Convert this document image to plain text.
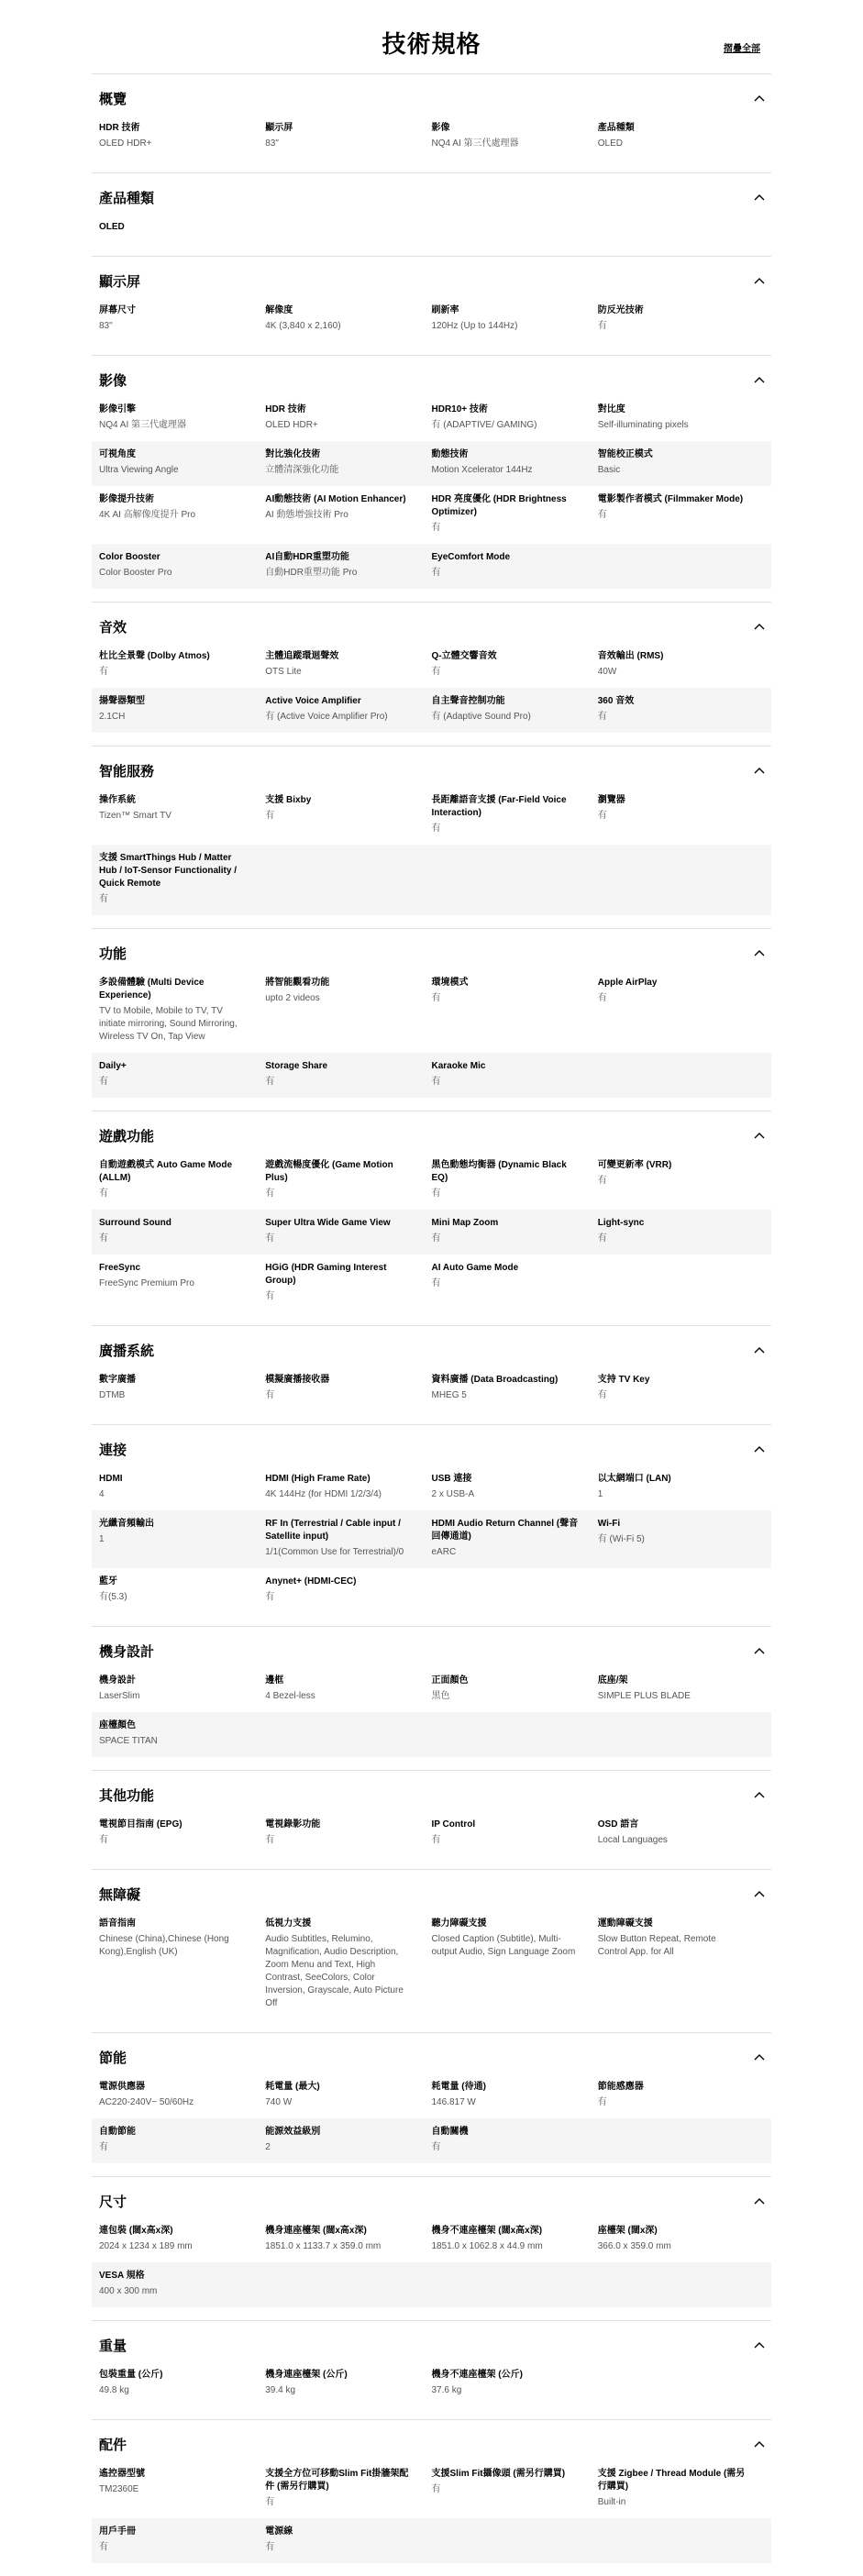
技術規格	摺疊全部
概覽
HDR 技術
OLED HDR+
顯示屏
83"
影像
NQ4 AI 第三代處理器
產品種類
OLED
產品種類
OLED
顯示屏
屏幕尺寸
83"
解像度
4K (3,840 x 2,160)
刷新率
120Hz (Up to 144Hz)
防反光技術
有
影像
影像引擎
NQ4 AI 第三代處理器
HDR 技術
OLED HDR+
HDR10+ 技術
有 (ADAPTIVE/ GAMING)
對比度
Self-illuminating pixels
可視角度
Ultra Viewing Angle
對比強化技術
立體清深強化功能
動態技術
Motion Xcelerator 144Hz
智能校正模式
Basic
影像提升技術
4K AI 高解像度提升 Pro
AI動態技術 (AI Motion Enhancer)
AI 動態增強技術 Pro
HDR 亮度優化 (HDR Brightness Optimizer)
有
電影製作者模式 (Filmmaker Mode)
有
Color Booster
Color Booster Pro
AI自動HDR重塑功能
自動HDR重塑功能 Pro
EyeComfort Mode
有
音效
杜比全景聲 (Dolby Atmos)
有
主體追蹤環迴聲效
OTS Lite
Q-立體交響音效
有
音效輸出 (RMS)
40W
揚聲器類型
2.1CH
Active Voice Amplifier
有 (Active Voice Amplifier Pro)
自主聲音控制功能
有 (Adaptive Sound Pro)
360 音效
有
智能服務
操作系統
Tizen™ Smart TV
支援 Bixby
有
長距離語音支援 (Far-Field Voice Interaction)
有
瀏覽器
有
支援 SmartThings Hub / Matter Hub / IoT-Sensor Functionality / Quick Remote
有
功能
多設備體驗 (Multi Device Experience)
TV to Mobile, Mobile to TV, TV initiate mirroring, Sound Mirroring, Wireless TV On, Tap View
將智能觀看功能
upto 2 videos
環境模式
有
Apple AirPlay
有
Daily+
有
Storage Share
有
Karaoke Mic
有
遊戲功能
自動遊戲模式 Auto Game Mode (ALLM)
有
遊戲流暢度優化 (Game Motion Plus)
有
黑色動態均衡器 (Dynamic Black EQ)
有
可變更新率 (VRR)
有
Surround Sound
有
Super Ultra Wide Game View
有
Mini Map Zoom
有
Light-sync
有
FreeSync
FreeSync Premium Pro
HGiG (HDR Gaming Interest Group)
有
AI Auto Game Mode
有
廣播系統
數字廣播
DTMB
模擬廣播接收器
有
資料廣播 (Data Broadcasting)
MHEG 5
支持 TV Key
有
連接
HDMI
4
HDMI (High Frame Rate)
4K 144Hz (for HDMI 1/2/3/4)
USB 連接
2 x USB-A
以太網端口 (LAN)
1
光纖音頻輸出
1
RF In (Terrestrial / Cable input / Satellite input)
1/1(Common Use for Terrestrial)/0
HDMI Audio Return Channel (聲音回傳通道)
eARC
Wi-Fi
有 (Wi-Fi 5)
藍牙
有(5.3)
Anynet+ (HDMI-CEC)
有
機身設計
機身設計
LaserSlim
邊框
4 Bezel-less
正面顏色
黑色
底座/架
SIMPLE PLUS BLADE
座檯顏色
SPACE TITAN
其他功能
電視節目指南 (EPG)
有
電視錄影功能
有
IP Control
有
OSD 語言
Local Languages
無障礙
語音指南
Chinese (China),Chinese (Hong Kong),English (UK)
低視力支援
Audio Subtitles, Relumino, Magnification, Audio Description, Zoom Menu and Text, High Contrast, SeeColors, Color Inversion, Grayscale, Auto Picture Off
聽力障礙支援
Closed Caption (Subtitle), Multi-output Audio, Sign Language Zoom
運動障礙支援
Slow Button Repeat, Remote Control App. for All
節能
電源供應器
AC220-240V~ 50/60Hz
耗電量 (最大)
740 W
耗電量 (待通)
146.817 W
節能感應器
有
自動節能
有
能源效益級別
2
自動關機
有
尺寸
連包裝 (闊x高x深)
2024 x 1234 x 189 mm
機身連座檯架 (闊x高x深)
1851.0 x 1133.7 x 359.0 mm
機身不連座檯架 (闊x高x深)
1851.0 x 1062.8 x 44.9 mm
座檯架 (闊x深)
366.0 x 359.0 mm
VESA 規格
400 x 300 mm
重量
包裝重量 (公斤)
49.8 kg
機身連座檯架 (公斤)
39.4 kg
機身不連座檯架 (公斤)
37.6 kg
配件
遙控器型號
TM2360E
支援全方位可移動Slim Fit掛牆架配件 (需另行購買)
有
支援Slim Fit攝像頭 (需另行購買)
有
支援 Zigbee / Thread Module (需另行購買)
Built-in
用戶手冊
有
電源線
有
